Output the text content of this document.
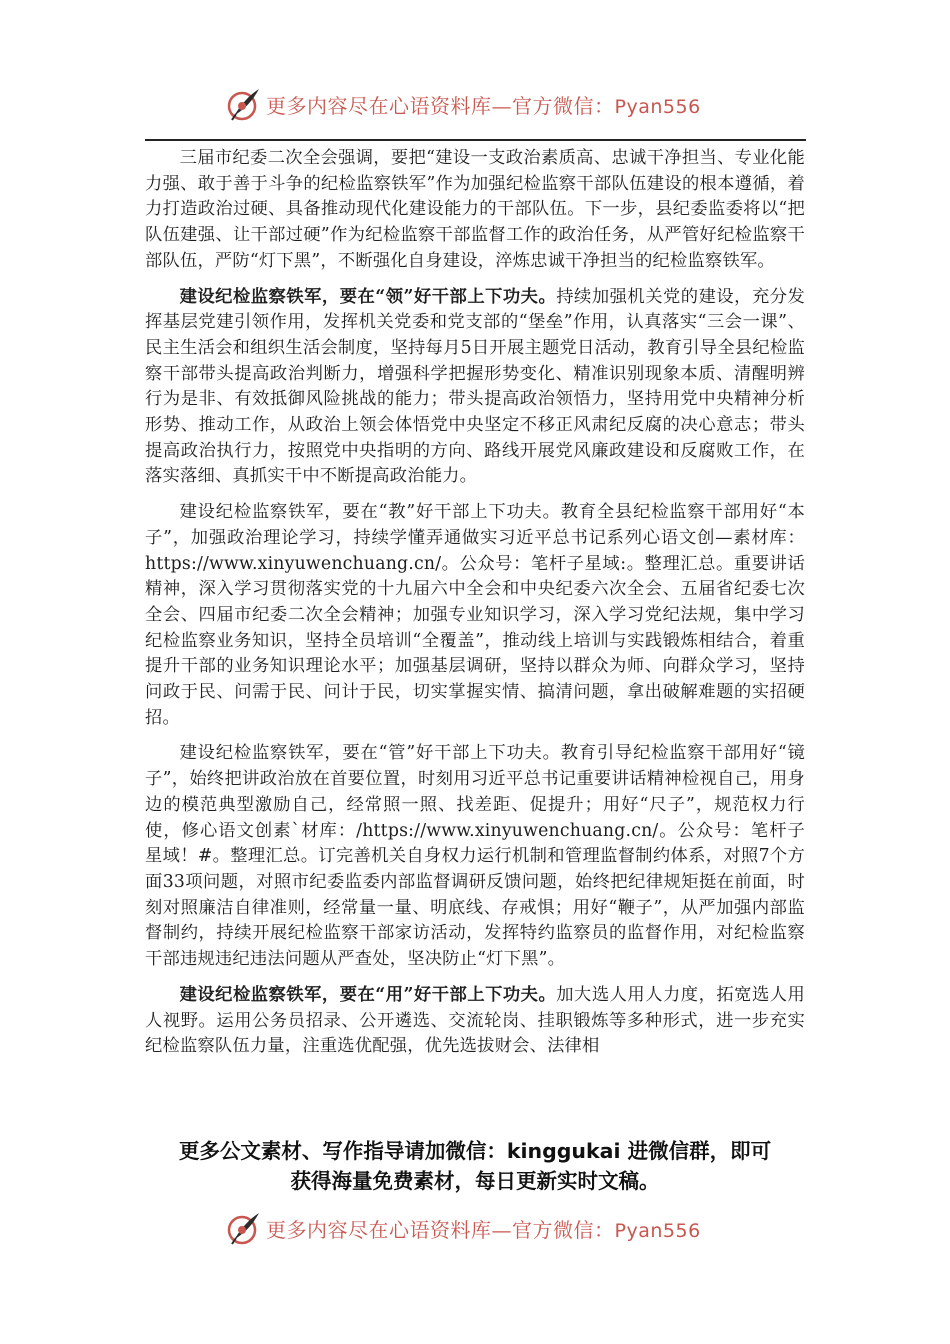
更多内容尽在心语资料库—官方微信：Pyan556

三届市纪委二次全会强调，要把“建设一支政治素质高、忠诚干净担当、专业化能力强、敢于善于斗争的纪检监察铁军”作为加强纪检监察干部队伍建设的根本遵循，着力打造政治过硬、具备推动现代化建设能力的干部队伍。下一步，县纪委监委将以“把队伍建强、让干部过硬”作为纪检监察干部监督工作的政治任务，从严管好纪检监察干部队伍，严防“灯下黑”，不断强化自身建设，淬炼忠诚干净担当的纪检监察铁军。

建设纪检监察铁军，要在“领”好干部上下功夫。持续加强机关党的建设，充分发挥基层党建引领作用，发挥机关党委和党支部的“堡垒”作用，认真落实“三会一课”、民主生活会和组织生活会制度，坚持每月5日开展主题党日活动，教育引导全县纪检监察干部带头提高政治判断力，增强科学把握形势变化、精准识别现象本质、清醒明辨行为是非、有效抵御风险挑战的能力；带头提高政治领悟力，坚持用党中央精神分析形势、推动工作，从政治上领会体悟党中央坚定不移正风肃纪反腐的决心意志；带头提高政治执行力，按照党中央指明的方向、路线开展党风廉政建设和反腐败工作，在落实落细、真抓实干中不断提高政治能力。

建设纪检监察铁军，要在“教”好干部上下功夫。教育全县纪检监察干部用好“本子”，加强政治理论学习，持续学懂弄通做实习近平总书记系列心语文创—素材库：https://www.xinyuwenchuang.cn/。公众号：笔杆子星域:。整理汇总。重要讲话精神，深入学习贯彻落实党的十九届六中全会和中央纪委六次全会、五届省纪委七次全会、四届市纪委二次全会精神；加强专业知识学习，深入学习党纪法规，集中学习纪检监察业务知识，坚持全员培训“全覆盖”，推动线上培训与实践锻炼相结合，着重提升干部的业务知识理论水平；加强基层调研，坚持以群众为师、向群众学习，坚持问政于民、问需于民、问计于民，切实掌握实情、搞清问题，拿出破解难题的实招硬招。

建设纪检监察铁军，要在“管”好干部上下功夫。教育引导纪检监察干部用好“镜子”，始终把讲政治放在首要位置，时刻用习近平总书记重要讲话精神检视自己，用身边的模范典型激励自己，经常照一照、找差距、促提升；用好“尺子”，规范权力行使，修心语文创素`材库：/https://www.xinyuwenchuang.cn/。公众号：笔杆子星域！#。整理汇总。订完善机关自身权力运行机制和管理监督制约体系，对照7个方面33项问题，对照市纪委监委内部监督调研反馈问题，始终把纪律规矩挺在前面，时刻对照廉洁自律准则，经常量一量、明底线、存戒惧；用好“鞭子”，从严加强内部监督制约，持续开展纪检监察干部家访活动，发挥特约监察员的监督作用，对纪检监察干部违规违纪违法问题从严查处，坚决防止“灯下黑”。

建设纪检监察铁军，要在“用”好干部上下功夫。加大选人用人力度，拓宽选人用人视野。运用公务员招录、公开遴选、交流轮岗、挂职锻炼等多种形式，进一步充实纪检监察队伍力量，注重选优配强，优先选拔财会、法律相

更多公文素材、写作指导请加微信：kinggukai 进微信群，即可
获得海量免费素材，每日更新实时文稿。
更多内容尽在心语资料库—官方微信：Pyan556
